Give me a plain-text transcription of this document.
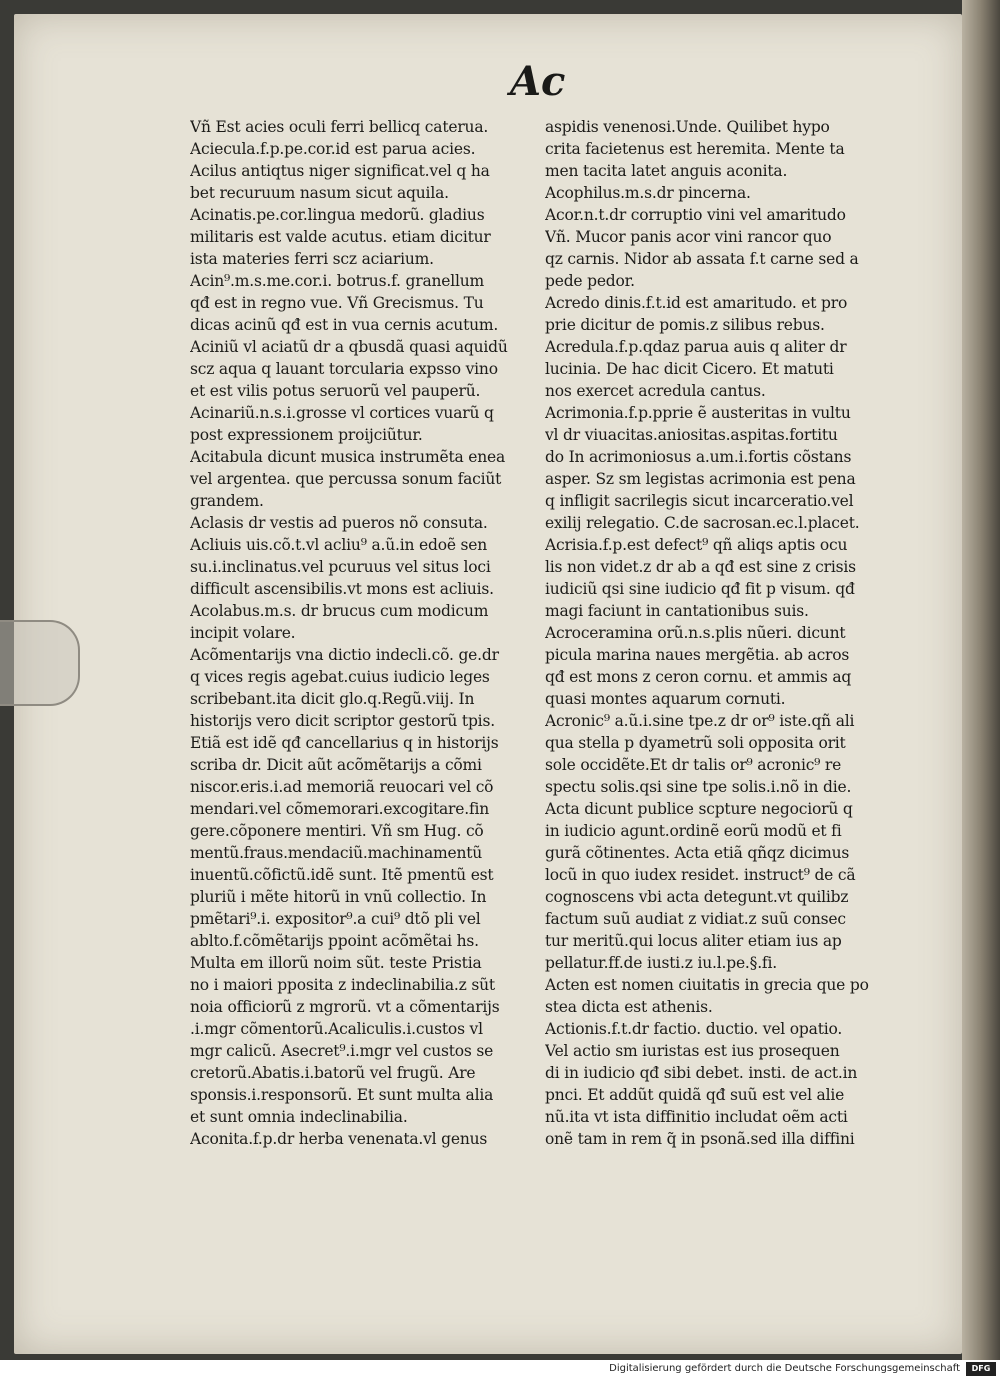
Ac
Vñ Est acies oculi ferri bellicq caterua.
Aciecula.f.p.pe.cor.id est parua acies.
Acilus antiqtus niger significat.vel q ha
bet recuruum nasum sicut aquila.
Acinatis.pe.cor.lingua medorũ. gladius
militaris est valde acutus. etiam dicitur
ista materies ferri scz aciarium.
Acin⁹.m.s.me.cor.i. botrus.f. granellum
qđ est in regno vue. Vñ Grecismus. Tu
dicas acinũ qđ est in vua cernis acutum.
Aciniũ vl aciatũ dr a qbusdã quasi aquidũ
scz aqua q lauant torcularia expsso vino
et est vilis potus seruorũ vel pauperũ.
Acinariũ.n.s.i.grosse vl cortices vuarũ q
post expressionem proijciũtur.
Acitabula dicunt musica instrumẽta enea
vel argentea. que percussa sonum faciũt
grandem.
Aclasis dr vestis ad pueros nõ consuta.
Acliuis uis.cõ.t.vl acliu⁹ a.ũ.in edoẽ sen
su.i.inclinatus.vel pcuruus vel situs loci
difficult ascensibilis.vt mons est acliuis.
Acolabus.m.s. dr brucus cum modicum
incipit volare.
Acõmentarijs vna dictio indecli.cõ. ge.dr
q vices regis agebat.cuius iudicio leges
scribebant.ita dicit glo.q.Regũ.viij. In
historijs vero dicit scriptor gestorũ tpis.
Etiã est idẽ qđ cancellarius q in historijs
scriba dr. Dicit aũt acõmẽtarijs a cõmi
niscor.eris.i.ad memoriã reuocari vel cõ
mendari.vel cõmemorari.excogitare.fin
gere.cõponere mentiri. Vñ sm Hug. cõ
mentũ.fraus.mendaciũ.machinamentũ
inuentũ.cõfictũ.idẽ sunt. Itẽ pmentũ est
pluriũ i mẽte hitorũ in vnũ collectio. In
pmẽtari⁹.i. expositor⁹.a cui⁹ dtõ pli vel
ablto.f.cõmẽtarijs ppoint acõmẽtai hs.
Multa em illorũ noim sũt. teste Pristia
no i maiori pposita z indeclinabilia.z sũt
noia officiorũ z mgrorũ. vt a cõmentarijs
.i.mgr cõmentorũ.Acaliculis.i.custos vl
mgr calicũ. Asecret⁹.i.mgr vel custos se
cretorũ.Abatis.i.batorũ vel frugũ. Are
sponsis.i.responsorũ. Et sunt multa alia
et sunt omnia indeclinabilia.
Aconita.f.p.dr herba venenata.vl genus
aspidis venenosi.Unde. Quilibet hypo
crita facietenus est heremita. Mente ta
men tacita latet anguis aconita.
Acophilus.m.s.dr pincerna.
Acor.n.t.dr corruptio vini vel amaritudo
Vñ. Mucor panis acor vini rancor quo
qz carnis. Nidor ab assata f.t carne sed a
pede pedor.
Acredo dinis.f.t.id est amaritudo. et pro
prie dicitur de pomis.z silibus rebus.
Acredula.f.p.qdaz parua auis q aliter dr
lucinia. De hac dicit Cicero. Et matuti
nos exercet acredula cantus.
Acrimonia.f.p.pprie ẽ austeritas in vultu
vl dr viuacitas.aniositas.aspitas.fortitu
do In acrimoniosus a.um.i.fortis cõstans
asper. Sz sm legistas acrimonia est pena
q infligit sacrilegis sicut incarceratio.vel
exilij relegatio. C.de sacrosan.ec.l.placet.
Acrisia.f.p.est defect⁹ qñ aliqs aptis ocu
lis non videt.z dr ab a qđ est sine z crisis
iudiciũ qsi sine iudicio qđ fit p visum. qđ
magi faciunt in cantationibus suis.
Acroceramina orũ.n.s.plis nũeri. dicunt
picula marina naues mergẽtia. ab acros
qđ est mons z ceron cornu. et ammis aq
quasi montes aquarum cornuti.
Acronic⁹ a.ũ.i.sine tpe.z dr or⁹ iste.qñ ali
qua stella p dyametrũ soli opposita orit
sole occidẽte.Et dr talis or⁹ acronic⁹ re
spectu solis.qsi sine tpe solis.i.nõ in die.
Acta dicunt publice scpture negociorũ q
in iudicio agunt.ordinẽ eorũ modũ et fi
gurã cõtinentes. Acta etiã qñqz dicimus
locũ in quo iudex residet. instruct⁹ de cã
cognoscens vbi acta detegunt.vt quilibz
factum suũ audiat z vidiat.z suũ consec
tur meritũ.qui locus aliter etiam ius ap
pellatur.ff.de iusti.z iu.l.pe.§.fi.
Acten est nomen ciuitatis in grecia que po
stea dicta est athenis.
Actionis.f.t.dr factio. ductio. vel opatio.
Vel actio sm iuristas est ius prosequen
di in iudicio qđ sibi debet. insti. de act.in
pnci. Et addũt quidã qđ suũ est vel alie
nũ.ita vt ista diffinitio includat oẽm acti
onẽ tam in rem q̃ in psonã.sed illa diffini
Digitalisierung gefördert durch die Deutsche Forschungsgemeinschaft	DFG
